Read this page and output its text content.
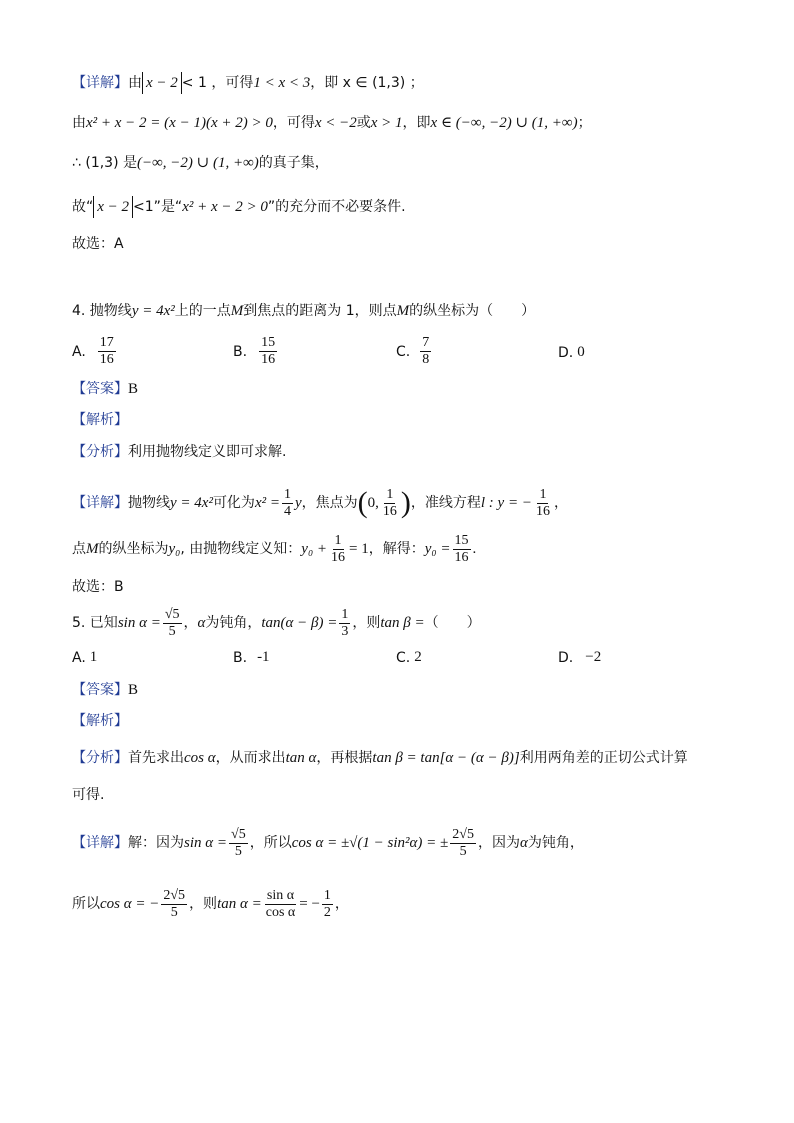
【详解】 由 x − 2 < 1 ，可得 1 < x < 3 ，即 x ∈ (1,3) ；
由 x² + x − 2 = (x − 1)(x + 2) > 0 ，可得 x < −2 或 x > 1 ，即 x ∈ (−∞, −2) ∪ (1, +∞) ；
∴ (1,3) 是 (−∞, −2) ∪ (1, +∞) 的真子集，
故“ x − 2 <1”是“ x² + x − 2 > 0 ”的充分而不必要条件.
故选：A
4. 抛物线 y = 4x² 上的一点 M 到焦点的距离为 1，则点 M 的纵坐标为（　　）
A. $\frac{17}{16}$	B. $\frac{15}{16}$	C. $\frac{7}{8}$	D. 0
【答案】 B
【解析】
【分析】 利用抛物线定义即可求解.
【详解】 抛物线 y = 4x² 可化为 $x^2 = \frac{1}{4}$ y ，焦点为 ( 0, $\frac{1}{16}$ ) ，准线方程 l : y = − $\frac{1}{16}$ ，
点 M 的纵坐标为 y₀ , 由抛物线定义知： $y_0 + \frac{1}{16} = 1$ ，解得： $y_0 = \frac{15}{16}$ .
故选：B
5. 已知 $\sin \alpha = \frac{√5}{5}$ ， α 为钝角， $\tan(\alpha - \beta) = \frac{1}{3}$ ，则 tan β = （　　）
A. 1	B. -1	C. 2	D. −2
【答案】 B
【解析】
【分析】 首先求出 cos α ，从而求出 tan α ，再根据 tan β = tan[α − (α − β)] 利用两角差的正切公式计算
可得.
【详解】 解：因为 $\sin \alpha = \frac{√5}{5}$ ，所以 cos α = ±√(1 − sin²α) = ± $\frac{2√5}{5}$ ，因为 α 为钝角，
所以 cos α = − $\frac{2√5}{5}$ ，则 $\tan \alpha = \frac{\text{sin α}}{\text{cos α}}$ = − $\frac{1}{2}$ ，
